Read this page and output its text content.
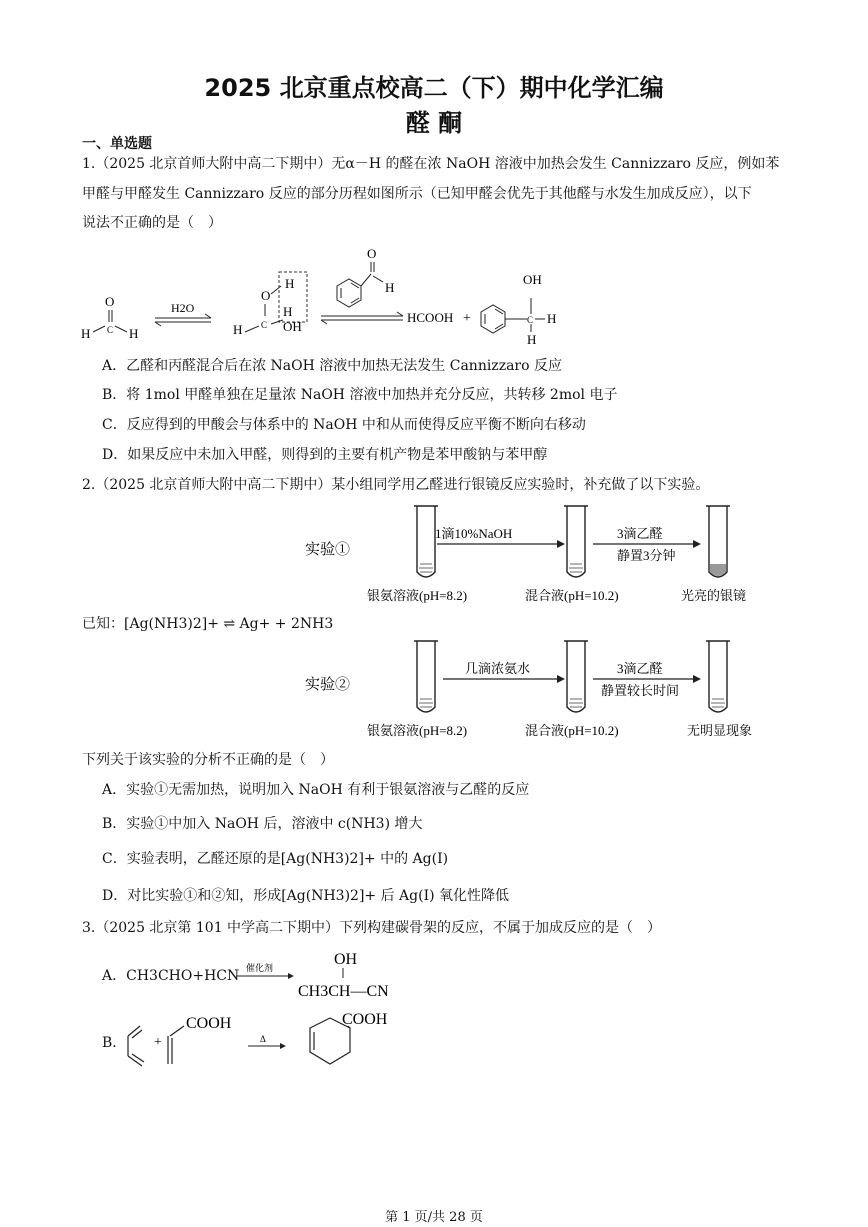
2025 北京重点校高二（下）期中化学汇编
醛 酮
一、单选题
1.（2025 北京首师大附中高二下期中）无α－H 的醛在浓 NaOH 溶液中加热会发生 Cannizzaro 反应，例如苯
甲醛与甲醛发生 Cannizzaro 反应的部分历程如图所示（已知甲醛会优先于其他醛与水发生加成反应），以下
说法不正确的是（　）
O
C
H	H
H2O
O
H
C
H
OH
H
O
H
HCOOH +	C
OH
H
H
A．乙醛和丙醛混合后在浓 NaOH 溶液中加热无法发生 Cannizzaro 反应
B．将 1mol 甲醛单独在足量浓 NaOH 溶液中加热并充分反应，共转移 2mol 电子
C．反应得到的甲酸会与体系中的 NaOH 中和从而使得反应平衡不断向右移动
D．如果反应中未加入甲醛，则得到的主要有机产物是苯甲酸钠与苯甲醇
2.（2025 北京首师大附中高二下期中）某小组同学用乙醛进行银镜反应实验时，补充做了以下实验。
实验①
1滴10%NaOH	3滴乙醛
静置3分钟
银氨溶液(pH=8.2)	混合液(pH=10.2)	光亮的银镜
已知： [Ag(NH3)2]+ ⇌ Ag+ + 2NH3
实验②
几滴浓氨水	3滴乙醛
静置较长时间
银氨溶液(pH=8.2)	混合液(pH=10.2)	无明显现象
下列关于该实验的分析不正确的是（　）
A．实验①无需加热，说明加入 NaOH 有利于银氨溶液与乙醛的反应
B．实验①中加入 NaOH 后，溶液中 c(NH3) 增大
C．实验表明，乙醛还原的是[Ag(NH3)2]+ 中的 Ag(I)
D．对比实验①和②知，形成[Ag(NH3)2]+ 后 Ag(I) 氧化性降低
3.（2025 北京第 101 中学高二下期中）下列构建碳骨架的反应，不属于加成反应的是（　）
A．CH3CHO+HCN 催化剂	OH
CH3CH—CN
B． +
COOH
Δ
COOH
第 1 页/共 28 页
